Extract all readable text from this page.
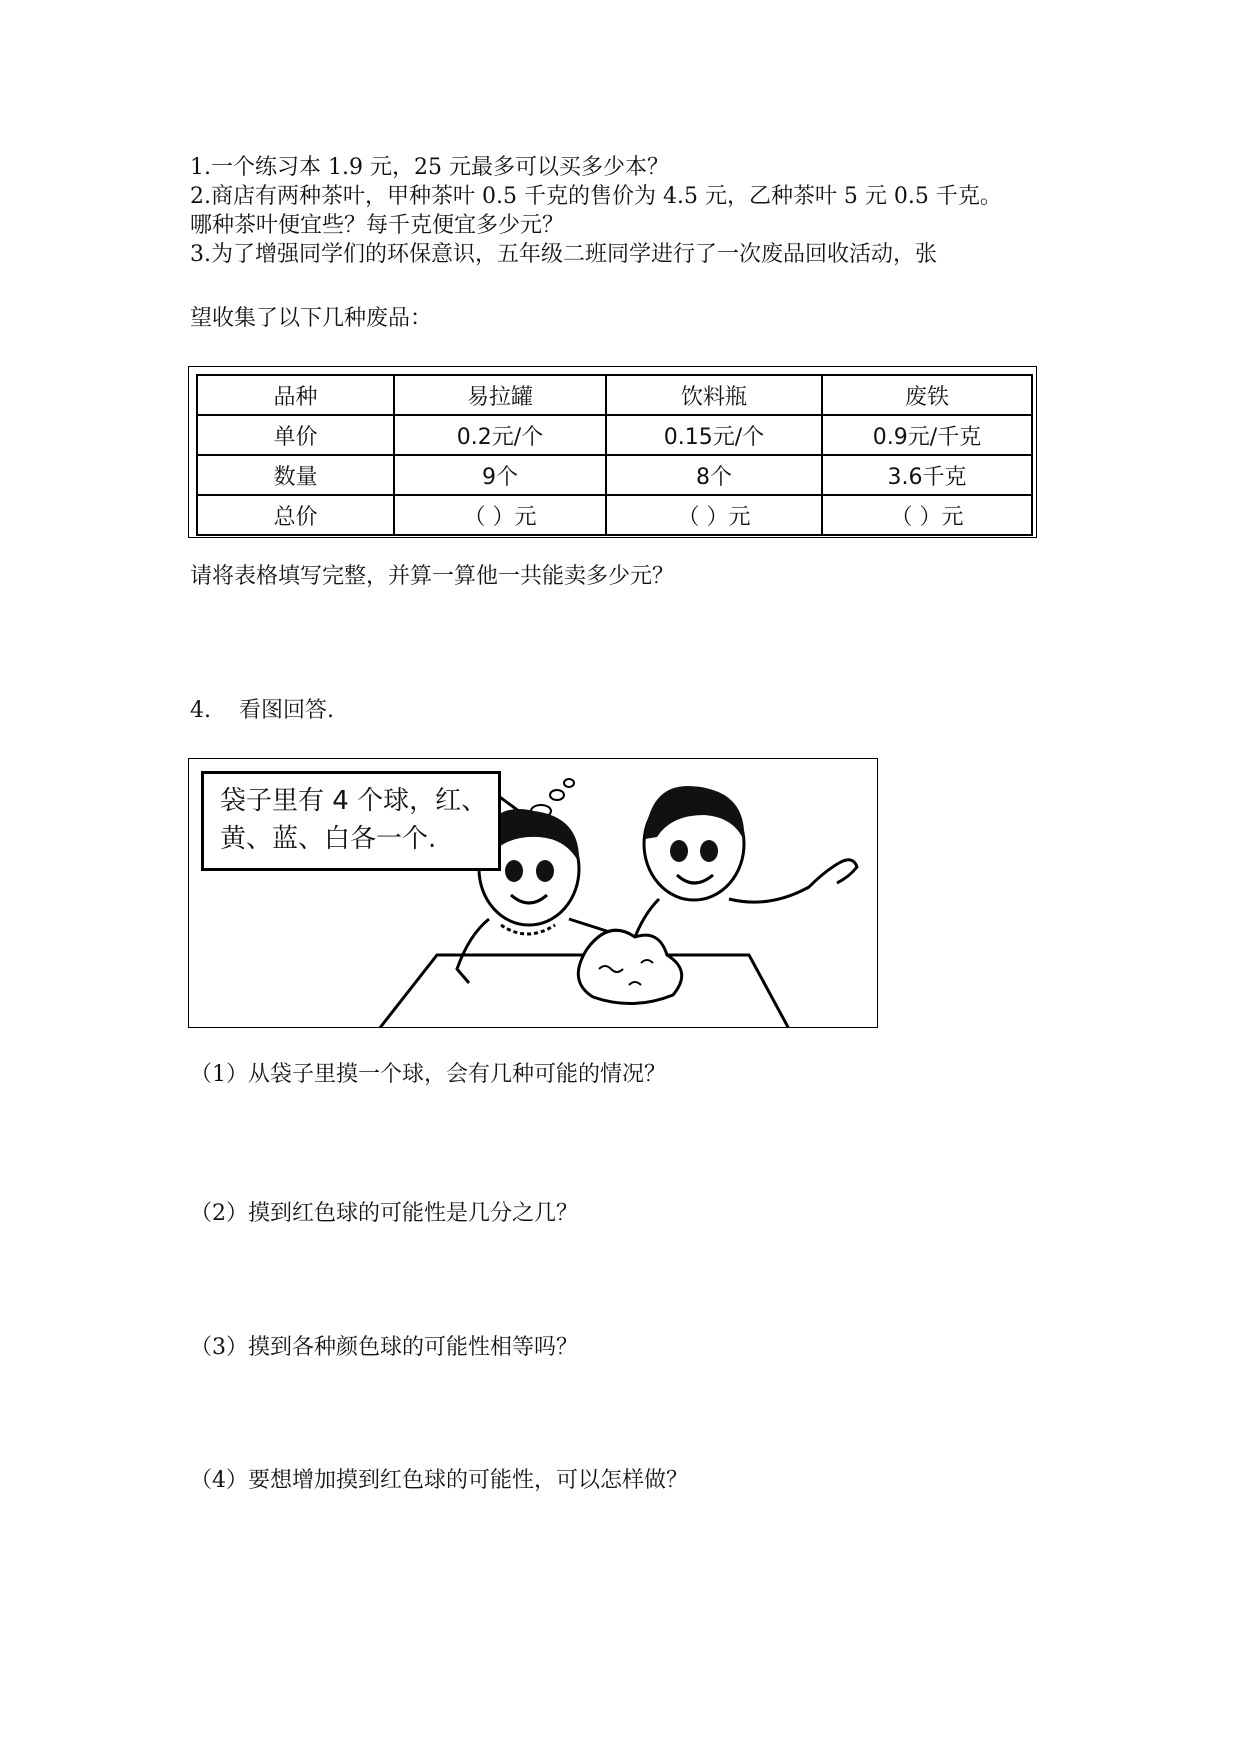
1.一个练习本 1.9 元，25 元最多可以买多少本？
2.商店有两种茶叶，甲种茶叶 0.5 千克的售价为 4.5 元，乙种茶叶 5 元 0.5 千克。
哪种茶叶便宜些？每千克便宜多少元？
3.为了增强同学们的环保意识，五年级二班同学进行了一次废品回收活动，张
望收集了以下几种废品：
品种	易拉罐	饮料瓶	废铁
单价	0.2元/个	0.15元/个	0.9元/千克
数量	9个	8个	3.6千克
总价	（ ）元	（ ）元	（ ）元
请将表格填写完整，并算一算他一共能卖多少元？
4.    看图回答.
袋子里有 4 个球，红、
黄、蓝、白各一个.
（1）从袋子里摸一个球，会有几种可能的情况？
（2）摸到红色球的可能性是几分之几？
（3）摸到各种颜色球的可能性相等吗？
（4）要想增加摸到红色球的可能性，可以怎样做？
